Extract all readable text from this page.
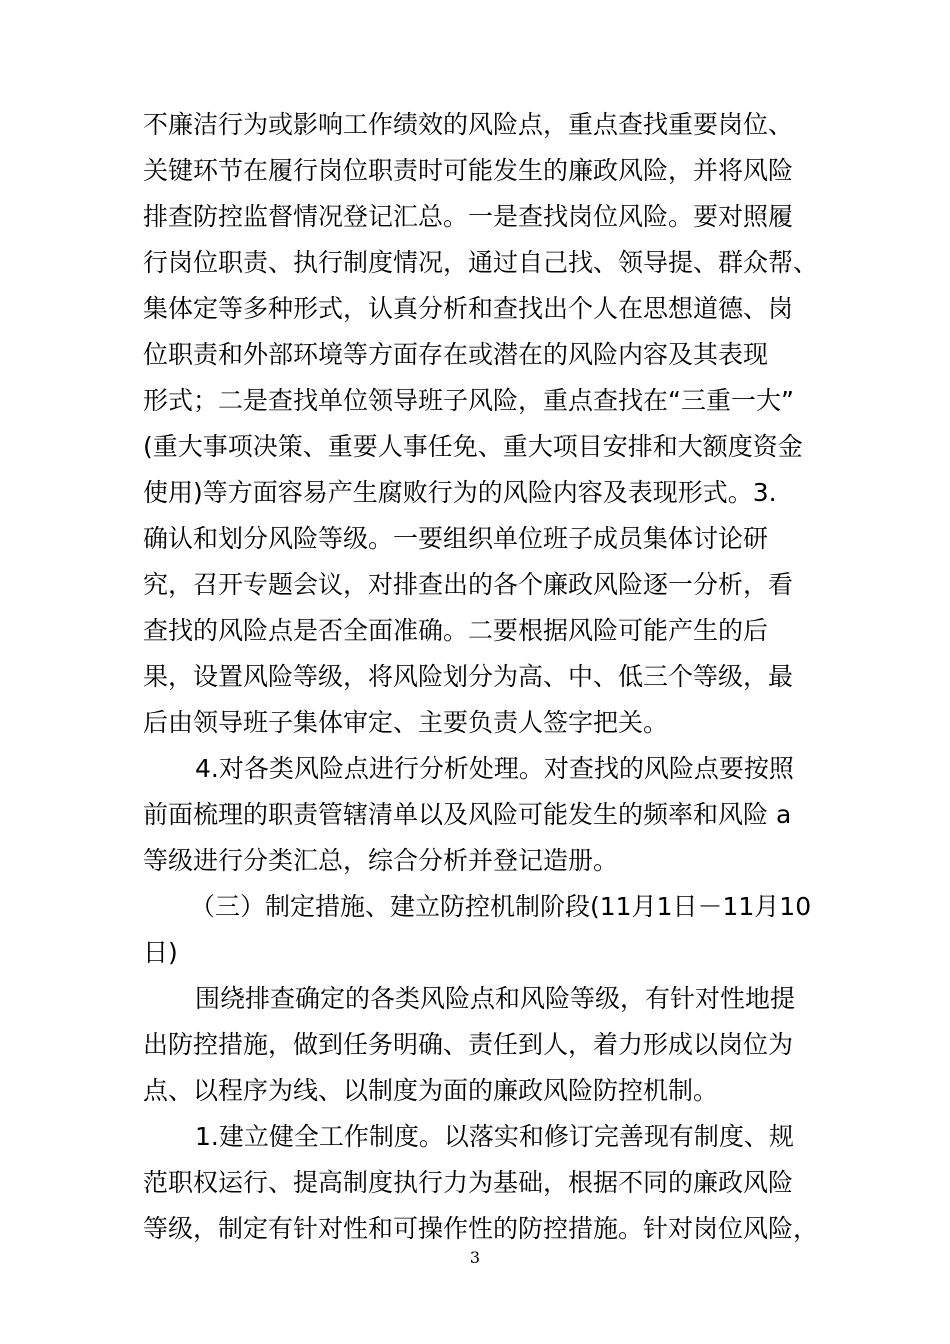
不廉洁行为或影响工作绩效的风险点，重点查找重要岗位、
关键环节在履行岗位职责时可能发生的廉政风险，并将风险
排查防控监督情况登记汇总。一是查找岗位风险。要对照履
行岗位职责、执行制度情况，通过自己找、领导提、群众帮、
集体定等多种形式，认真分析和查找出个人在思想道德、岗
位职责和外部环境等方面存在或潜在的风险内容及其表现
形式；二是查找单位领导班子风险，重点查找在“三重一大”
(重大事项决策、重要人事任免、重大项目安排和大额度资金
使用)等方面容易产生腐败行为的风险内容及表现形式。3.
确认和划分风险等级。一要组织单位班子成员集体讨论研
究，召开专题会议，对排查出的各个廉政风险逐一分析，看
查找的风险点是否全面准确。二要根据风险可能产生的后
果，设置风险等级，将风险划分为高、中、低三个等级，最
后由领导班子集体审定、主要负责人签字把关。
4.对各类风险点进行分析处理。对查找的风险点要按照
前面梳理的职责管辖清单以及风险可能发生的频率和风险 a
等级进行分类汇总，综合分析并登记造册。
（三）制定措施、建立防控机制阶段(11月1日－11月10
日)
围绕排查确定的各类风险点和风险等级，有针对性地提
出防控措施，做到任务明确、责任到人，着力形成以岗位为
点、以程序为线、以制度为面的廉政风险防控机制。
1.建立健全工作制度。以落实和修订完善现有制度、规
范职权运行、提高制度执行力为基础，根据不同的廉政风险
等级，制定有针对性和可操作性的防控措施。针对岗位风险，
3
